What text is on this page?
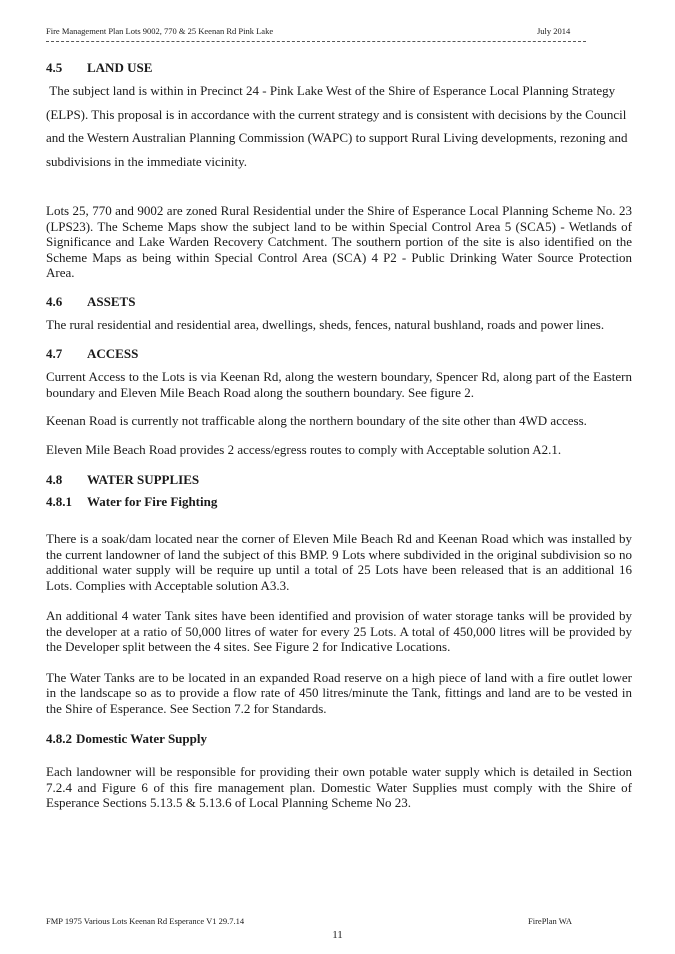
Fire Management Plan Lots 9002, 770 & 25 Keenan Rd Pink Lake	July 2014
4.5	LAND USE

The subject land is within in Precinct 24 - Pink Lake West of the Shire of Esperance Local Planning Strategy (ELPS). This proposal is in accordance with the current strategy and is consistent with decisions by the Council and the Western Australian Planning Commission (WAPC) to support Rural Living developments, rezoning and subdivisions in the immediate vicinity.

Lots 25, 770 and 9002 are zoned Rural Residential under the Shire of Esperance Local Planning Scheme No. 23 (LPS23). The Scheme Maps show the subject land to be within Special Control Area 5 (SCA5) - Wetlands of Significance and Lake Warden Recovery Catchment. The southern portion of the site is also identified on the Scheme Maps as being within Special Control Area (SCA) 4 P2 - Public Drinking Water Source Protection Area.

4.6	ASSETS

The rural residential and residential area, dwellings, sheds, fences, natural bushland, roads and power lines.

4.7	ACCESS

Current Access to the Lots is via Keenan Rd, along the western boundary, Spencer Rd, along part of the Eastern boundary and Eleven Mile Beach Road along the southern boundary. See figure 2.

Keenan Road is currently not trafficable along the northern boundary of the site other than 4WD access.

Eleven Mile Beach Road provides 2 access/egress routes to comply with Acceptable solution A2.1.

4.8	WATER SUPPLIES
4.8.1	Water for Fire Fighting

There is a soak/dam located near the corner of Eleven Mile Beach Rd and Keenan Road which was installed by the current landowner of land the subject of this BMP. 9 Lots where subdivided in the original subdivision so no additional water supply will be require up until a total of 25 Lots have been released that is an additional 16 Lots. Complies with Acceptable solution A3.3.

An additional 4 water Tank sites have been identified and provision of water storage tanks will be provided by the developer at a ratio of 50,000 litres of water for every 25 Lots. A total of 450,000 litres will be provided by the Developer split between the 4 sites. See Figure 2 for Indicative Locations.

The Water Tanks are to be located in an expanded Road reserve on a high piece of land with a fire outlet lower in the landscape so as to provide a flow rate of 450 litres/minute the Tank, fittings and land are to be vested in the Shire of Esperance. See Section 7.2 for Standards.

4.8.2 Domestic Water Supply

Each landowner will be responsible for providing their own potable water supply which is detailed in Section 7.2.4 and Figure 6 of this fire management plan. Domestic Water Supplies must comply with the Shire of Esperance Sections 5.13.5 & 5.13.6 of Local Planning Scheme No 23.

FMP 1975 Various Lots Keenan Rd Esperance V1 29.7.14	FirePlan WA
11
